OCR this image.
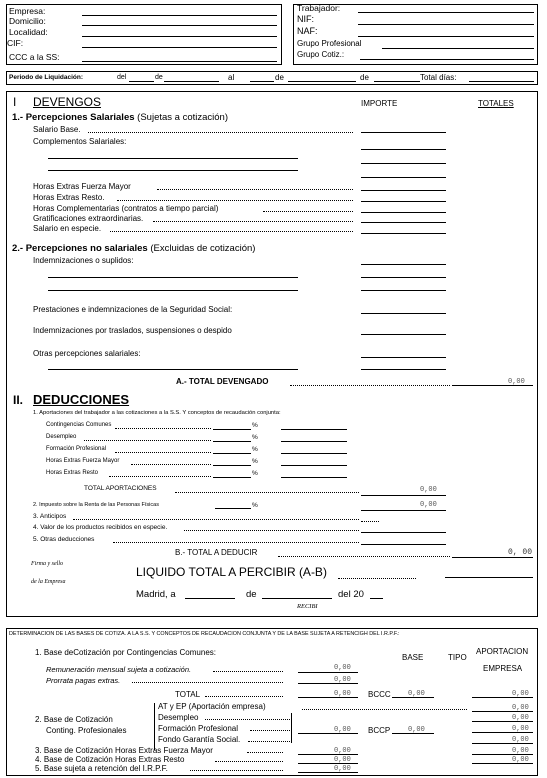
Empresa:
Domicilio:
Localidad:
CIF:
CCC a la SS:
Trabajador:
NIF:
NAF:
Grupo Profesional
Grupo Cotiz.:
Periodo de Liquidación:	del	de	al	de	de	Total días:
I DEVENGOS	IMPORTE	TOTALES
1.- Percepciones Salariales (Sujetas a cotización)
Salario Base.
Complementos Salariales:
Horas Extras Fuerza Mayor
Horas Extras Resto.
Horas Complementarias (contratos a tiempo parcial)
Gratificaciones extraordinarias.
Salario en especie.
2.- Percepciones no salariales (Excluidas de cotización)
Indemnizaciones o suplidos:
Prestaciones e indemnizaciones de la Seguridad Social:
Indemnizaciones por traslados, suspensiones o despido
Otras percepciones salariales:
A.- TOTAL DEVENGADO	0,00
II. DEDUCCIONES
1. Aportaciones del trabajador a las cotizaciones a la S.S. Y conceptos de recaudación conjunta:
Contingencias Comunes	%
Desempleo	%
Formación Profesional	%
Horas Extras Fuerza Mayor	%
Horas Extras Resto	%
TOTAL APORTACIONES	0,00
2. Impuesto sobre la Renta de las Personas Físicas	%	0,00
3. Anticipos
4. Valor de los productos recibidos en especie.
5. Otras deducciones
B.- TOTAL A DEDUCIR	0, 00
Firma y sello
de la Empresa
LIQUIDO TOTAL A PERCIBIR (A-B)
Madrid, a	de	del 20
RECIBI
DETERMINACION DE LAS BASES DE COTIZA. A LA S.S. Y CONCEPTOS DE RECAUDACION CONJUNTA Y DE LA BASE SUJETA A RETENCIGH DEL I.R.P.F.:
1. Base deCotización por Contingencias Comunes:
BASE	TIPO
APORTACION
EMPRESA
Remuneración mensual sujeta a cotización.	0,00
Prorrata pagas extras.	0,00
TOTAL	0,00 BCCC 0,00	0,00
2. Base de Cotización
Conting. Profesionales
AT y EP (Aportación empresa)	0,00
Desempleo	0,00
Formación Profesional	0,00 BCCP	0,00	0,00
Fondo Garantía Social.	0,00
3. Base de Cotización Horas Extras Fuerza Mayor	0,00	0,00
4. Base de Cotización Horas Extras Resto	0,00	0,00
5. Base sujeta a retención del I.R.P.F.	0,00
